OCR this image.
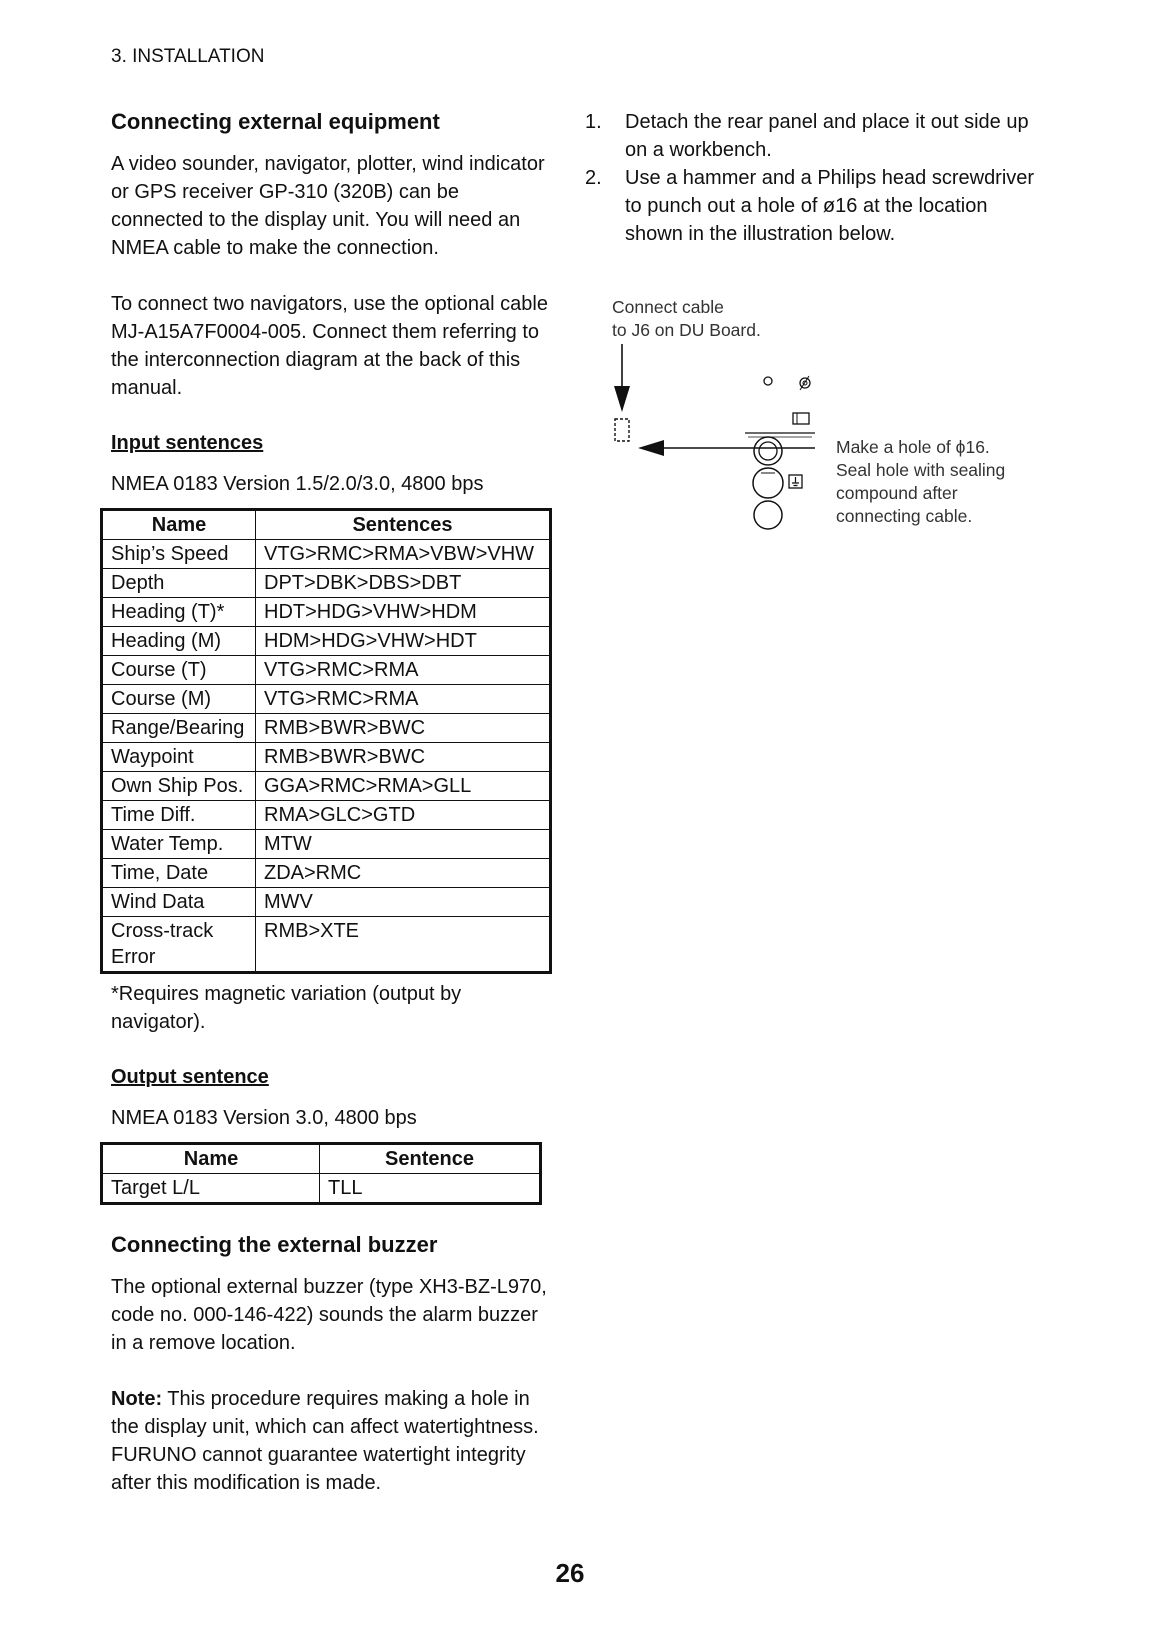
3. INSTALLATION
Connecting external equipment

A video sounder, navigator, plotter, wind indicator or GPS receiver GP-310 (320B) can be connected to the display unit. You will need an NMEA cable to make the connection.

To connect two navigators, use the optional cable MJ-A15A7F0004-005. Connect them referring to the interconnection diagram at the back of this manual.

Input sentences

NMEA 0183 Version 1.5/2.0/3.0, 4800 bps

Name	Sentences
Ship’s Speed	VTG>RMC>RMA>VBW>VHW
Depth	DPT>DBK>DBS>DBT
Heading (T)*	HDT>HDG>VHW>HDM
Heading (M)	HDM>HDG>VHW>HDT
Course (T)	VTG>RMC>RMA
Course (M)	VTG>RMC>RMA
Range/Bearing	RMB>BWR>BWC
Waypoint	RMB>BWR>BWC
Own Ship Pos.	GGA>RMC>RMA>GLL
Time Diff.	RMA>GLC>GTD
Water Temp.	MTW
Time, Date	ZDA>RMC
Wind Data	MWV
Cross-track Error	RMB>XTE
*Requires magnetic variation (output by navigator).
Output sentence

NMEA 0183 Version 3.0, 4800 bps

Name	Sentence
Target L/L	TLL
Connecting the external buzzer

The optional external buzzer (type XH3-BZ-L970, code no. 000-146-422) sounds the alarm buzzer in a remove location.

Note: This procedure requires making a hole in the display unit, which can affect watertightness. FURUNO cannot guarantee watertight integrity after this modification is made.

1. Detach the rear panel and place it out side up on a workbench.
2. Use a hammer and a Philips head screwdriver to punch out a hole of ø16 at the location shown in the illustration below.
Connect cable
to J6 on DU Board.
Make a hole of ϕ16.
Seal hole with sealing
compound after
connecting cable.
26
